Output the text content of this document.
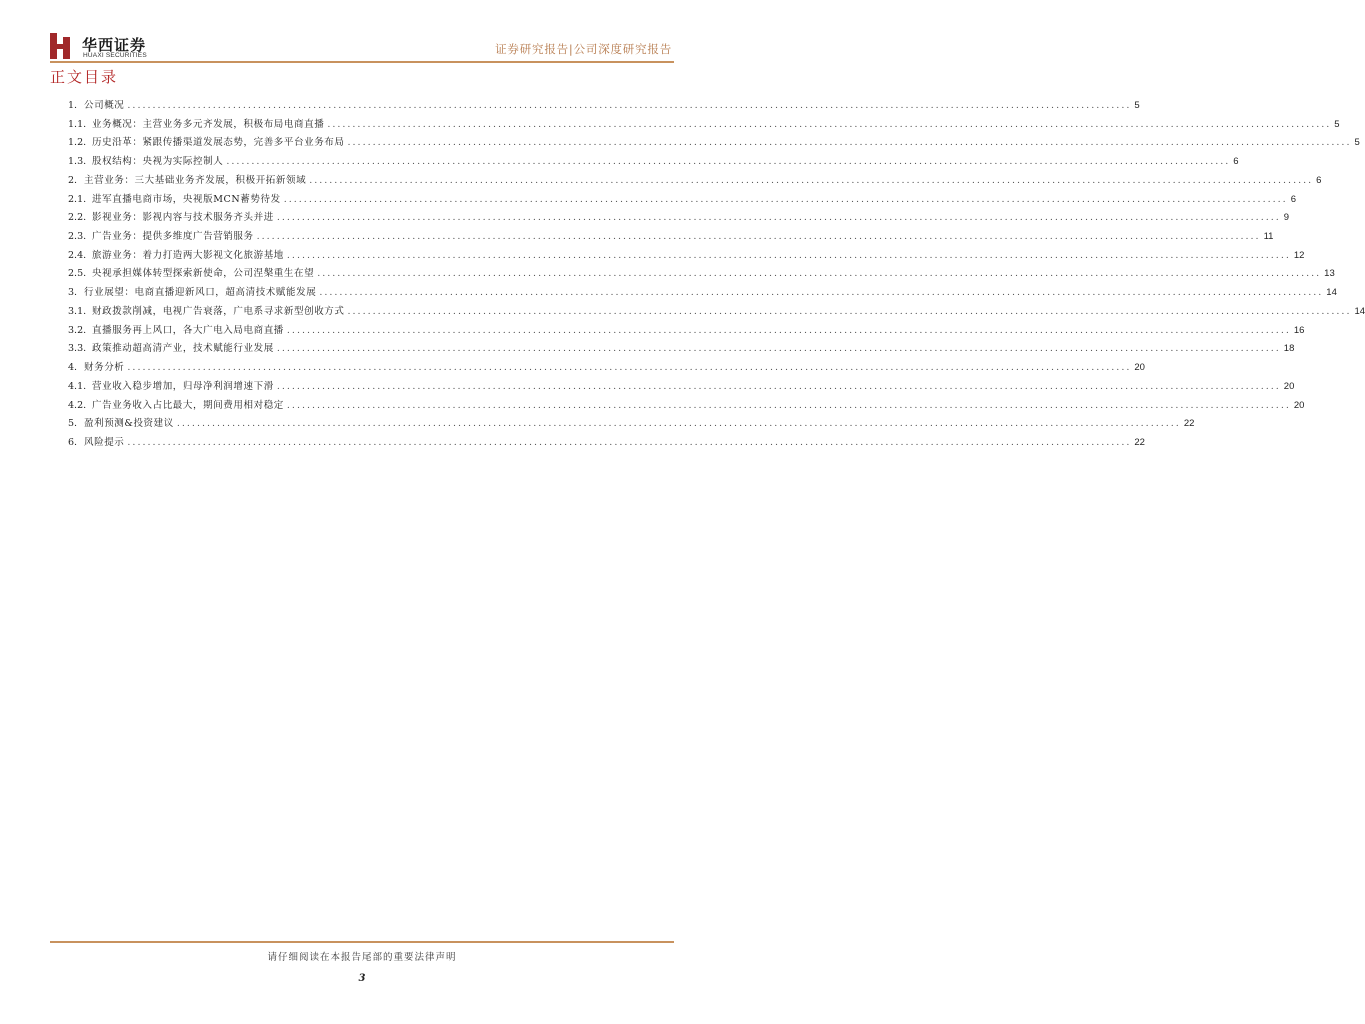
华西证券
HUAXI SECURITIES	证券研究报告|公司深度研究报告
正文目录
1. 公司概况 ........................................................................................................................................................................................................ 5
1.1. 业务概况：主营业务多元齐发展，积极布局电商直播 ........................................................................................................................................................................................................ 5
1.2. 历史沿革：紧跟传播渠道发展态势，完善多平台业务布局 ........................................................................................................................................................................................................ 5
1.3. 股权结构：央视为实际控制人 ........................................................................................................................................................................................................ 6
2. 主营业务：三大基础业务齐发展，积极开拓新领域 ........................................................................................................................................................................................................ 6
2.1. 进军直播电商市场，央视版MCN蓄势待发 ........................................................................................................................................................................................................ 6
2.2. 影视业务：影视内容与技术服务齐头并进 ........................................................................................................................................................................................................ 9
2.3. 广告业务：提供多维度广告营销服务 ........................................................................................................................................................................................................ 11
2.4. 旅游业务：着力打造两大影视文化旅游基地 ........................................................................................................................................................................................................ 12
2.5. 央视承担媒体转型探索新使命，公司涅槃重生在望 ........................................................................................................................................................................................................ 13
3. 行业展望：电商直播迎新风口，超高清技术赋能发展 ........................................................................................................................................................................................................ 14
3.1. 财政拨款削减，电视广告衰落，广电系寻求新型创收方式 ........................................................................................................................................................................................................ 14
3.2. 直播服务再上风口，各大广电入局电商直播 ........................................................................................................................................................................................................ 16
3.3. 政策推动超高清产业，技术赋能行业发展 ........................................................................................................................................................................................................ 18
4. 财务分析 ........................................................................................................................................................................................................ 20
4.1. 营业收入稳步增加，归母净利润增速下滑 ........................................................................................................................................................................................................ 20
4.2. 广告业务收入占比最大，期间费用相对稳定 ........................................................................................................................................................................................................ 20
5. 盈利预测&投资建议 ........................................................................................................................................................................................................ 22
6. 风险提示 ........................................................................................................................................................................................................ 22
请仔细阅读在本报告尾部的重要法律声明
3
